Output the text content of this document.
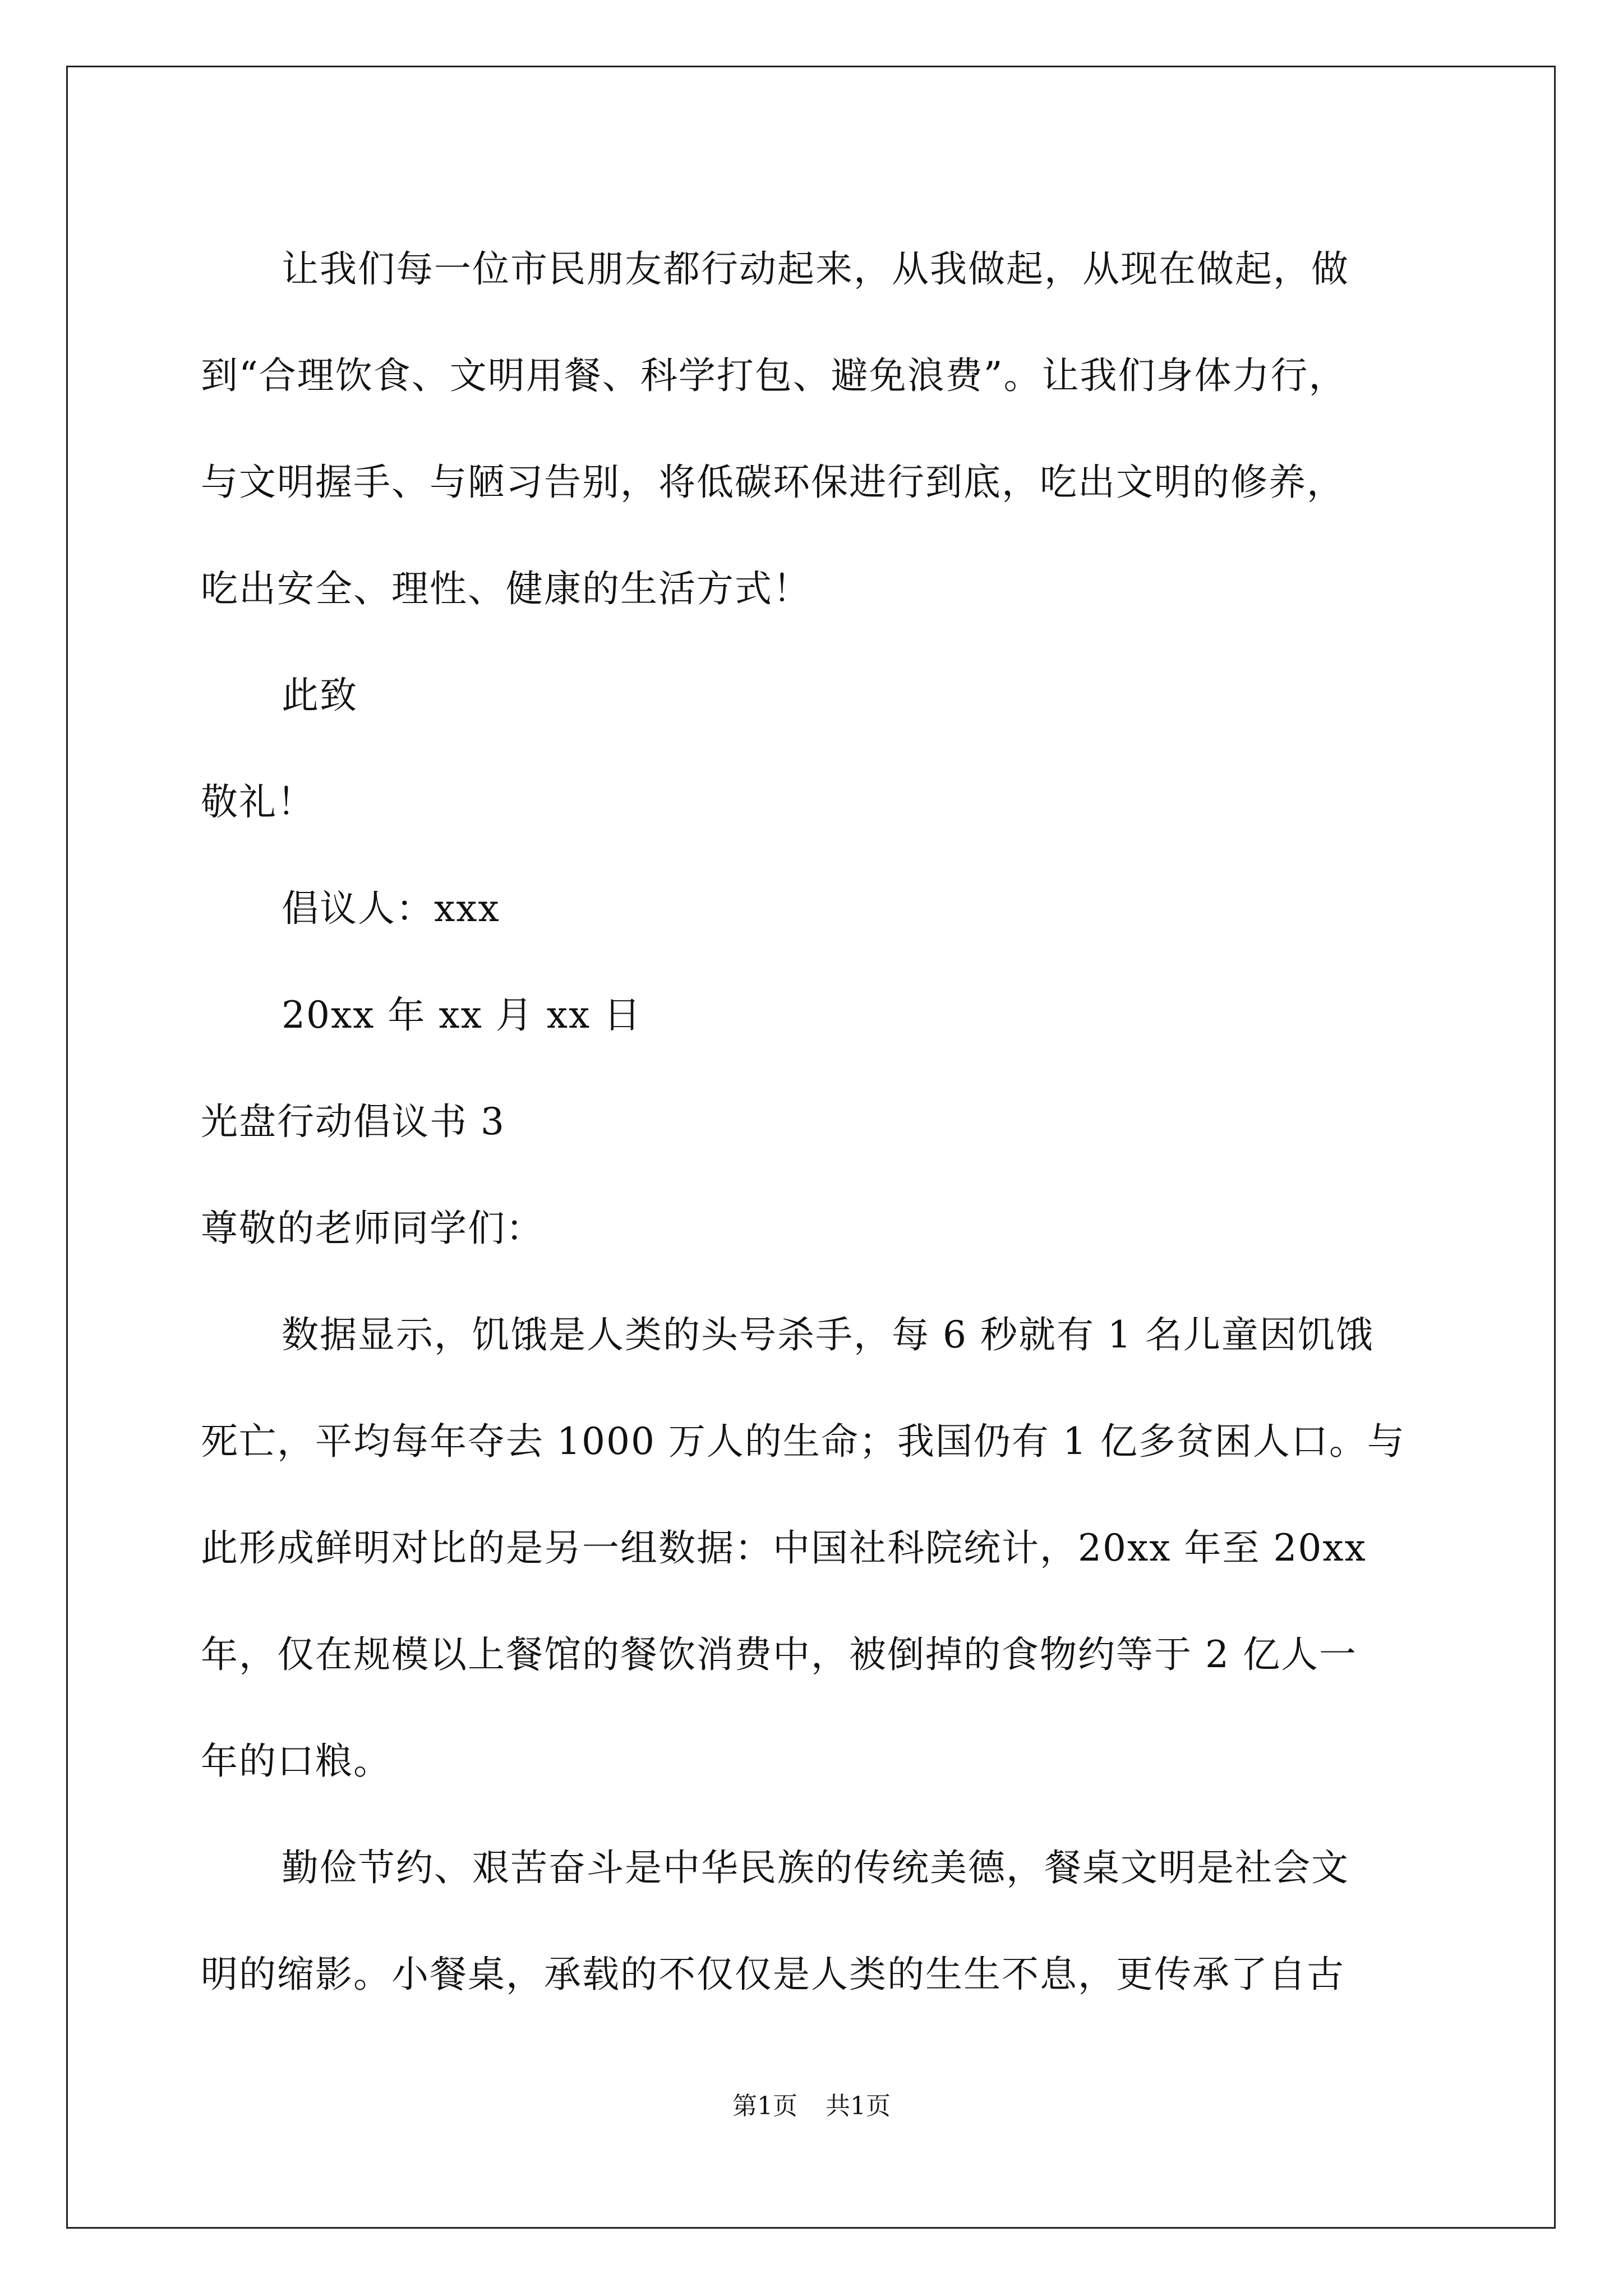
让我们每一位市民朋友都行动起来，从我做起，从现在做起，做

到“合理饮食、文明用餐、科学打包、避免浪费”。让我们身体力行，

与文明握手、与陋习告别，将低碳环保进行到底，吃出文明的修养，

吃出安全、理性、健康的生活方式！

此致

敬礼！

倡议人：xxx

20xx 年 xx 月 xx 日

光盘行动倡议书 3

尊敬的老师同学们：

数据显示，饥饿是人类的头号杀手，每 6 秒就有 1 名儿童因饥饿

死亡，平均每年夺去 1000 万人的生命；我国仍有 1 亿多贫困人口。与

此形成鲜明对比的是另一组数据：中国社科院统计，20xx 年至 20xx

年，仅在规模以上餐馆的餐饮消费中，被倒掉的食物约等于 2 亿人一

年的口粮。

勤俭节约、艰苦奋斗是中华民族的传统美德，餐桌文明是社会文

明的缩影。小餐桌，承载的不仅仅是人类的生生不息，更传承了自古

第1页 共1页
